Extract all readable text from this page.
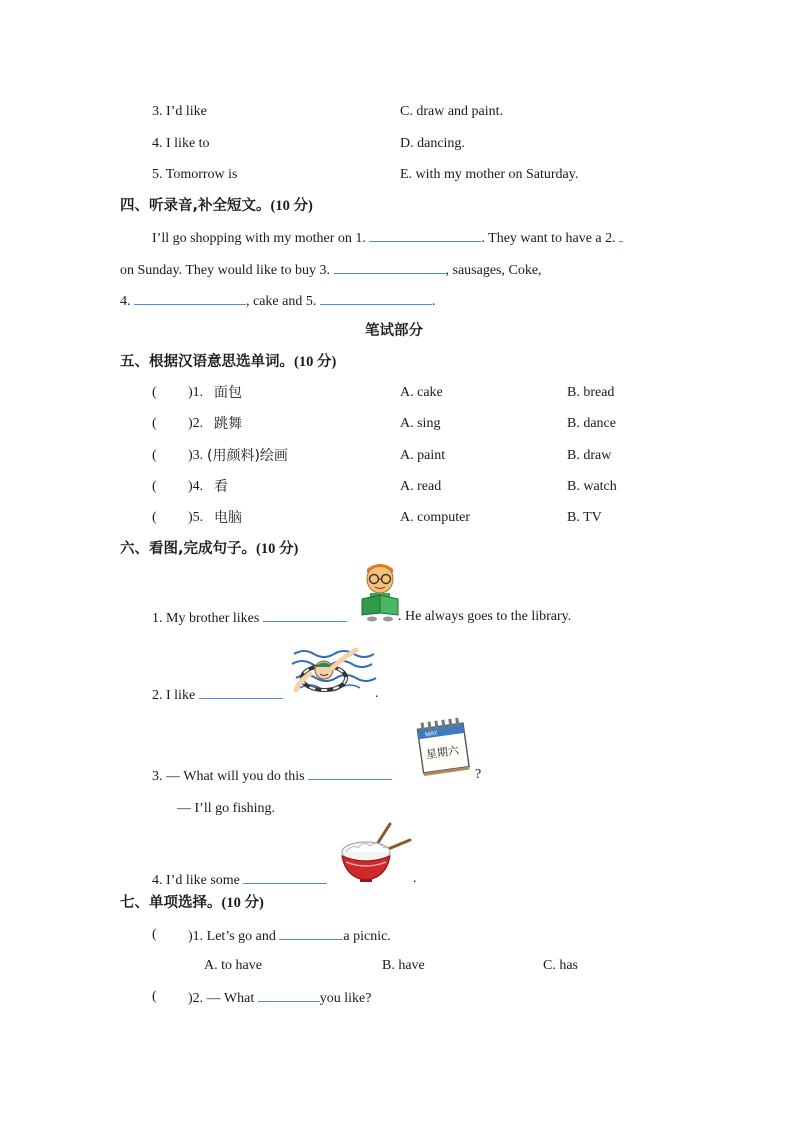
3. I’d like	C. draw and paint.
4. I like to	D. dancing.
5. Tomorrow is	E. with my mother on Saturday.
四、听录音,补全短文。(10 分)
I’ll go shopping with my mother on 1.	. They want to have a 2.
on Sunday. They would like to buy 3.	, sausages, Coke,
4.	, cake and 5.	.
笔试部分
五、根据汉语意思选单词。(10 分)
( )1. 面包	A. cake	B. bread
( )2. 跳舞	A. sing	B. dance
( )3. (用颜料)绘画	A. paint	B. draw
( )4. 看	A. read	B. watch
( )5. 电脑	A. computer	B. TV
六、看图,完成句子。(10 分)
1. My brother likes	. He always goes to the library.
2. I like	.
3. — What will you do this
MAY
星期六
?
— I’ll go fishing.
4. I’d like some	.
七、单项选择。(10 分)
( )1. Let’s go and	a picnic.
A. to have	B. have	C. has
( )2. — What	you like?
